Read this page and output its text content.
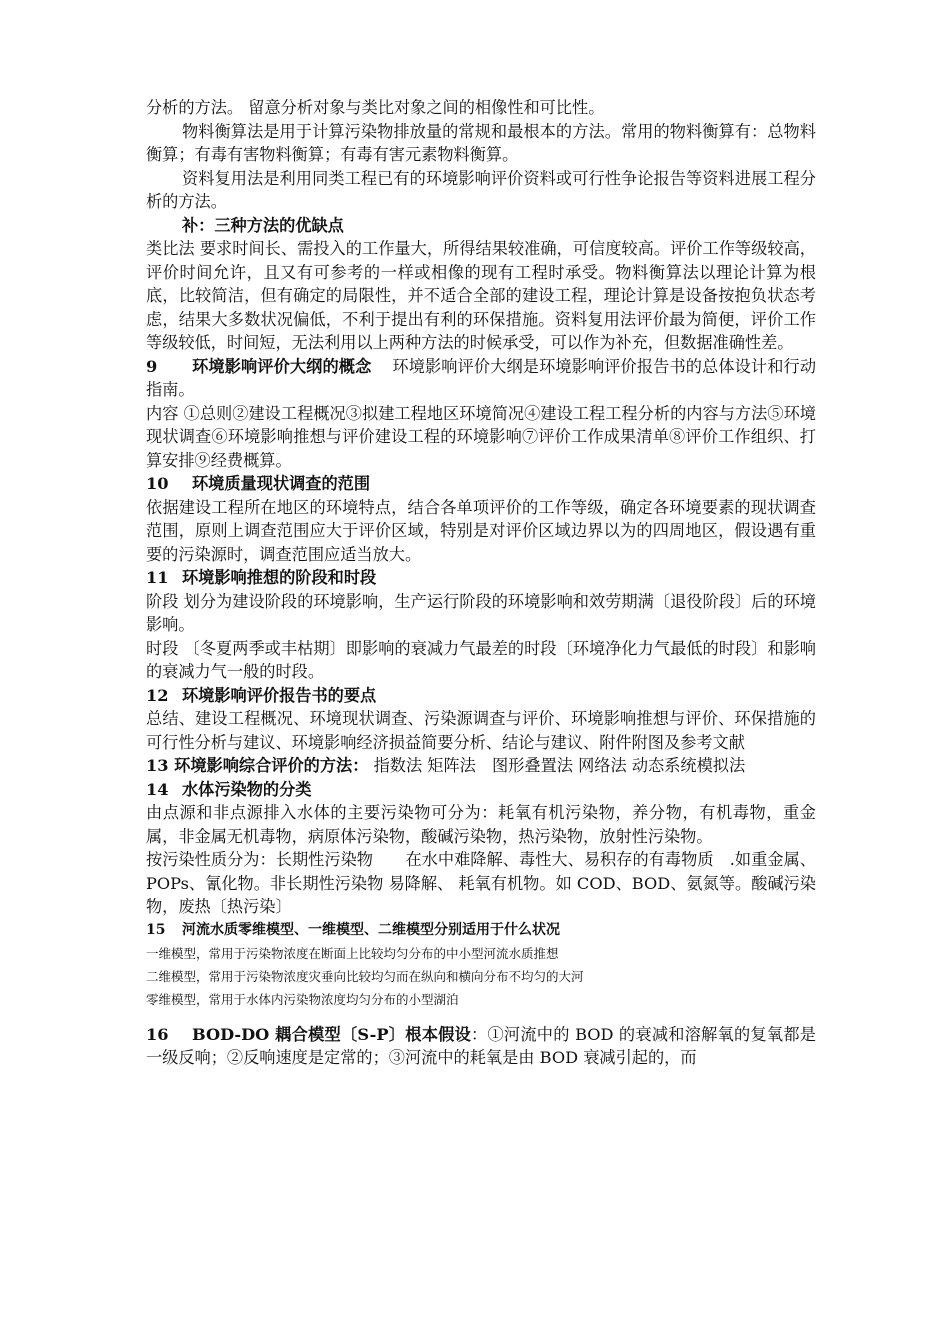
分析的方法。 留意分析对象与类比对象之间的相像性和可比性。

物料衡算法是用于计算污染物排放量的常规和最根本的方法。常用的物料衡算有：总物料衡算；有毒有害物料衡算；有毒有害元素物料衡算。

资料复用法是利用同类工程已有的环境影响评价资料或可行性争论报告等资料进展工程分析的方法。

补：三种方法的优缺点

类比法 要求时间长、需投入的工作量大，所得结果较准确，可信度较高。评价工作等级较高，评价时间允许，且又有可参考的一样或相像的现有工程时承受。物料衡算法以理论计算为根底，比较简洁，但有确定的局限性，并不适合全部的建设工程，理论计算是设备按抱负状态考虑，结果大多数状况偏低，不利于提出有利的环保措施。资料复用法评价最为简便，评价工作等级较低，时间短，无法利用以上两种方法的时候承受，可以作为补充，但数据准确性差。

9 环境影响评价大纲的概念 环境影响评价大纲是环境影响评价报告书的总体设计和行动指南。

内容 ①总则②建设工程概况③拟建工程地区环境简况④建设工程工程分析的内容与方法⑤环境现状调查⑥环境影响推想与评价建设工程的环境影响⑦评价工作成果清单⑧评价工作组织、打算安排⑨经费概算。

10 环境质量现状调查的范围

依据建设工程所在地区的环境特点，结合各单项评价的工作等级，确定各环境要素的现状调查范围，原则上调查范围应大于评价区域，特别是对评价区域边界以为的四周地区，假设遇有重要的污染源时，调查范围应适当放大。

11 环境影响推想的阶段和时段

阶段 划分为建设阶段的环境影响，生产运行阶段的环境影响和效劳期满〔退役阶段〕后的环境影响。

时段 〔冬夏两季或丰枯期〕即影响的衰减力气最差的时段〔环境净化力气最低的时段〕和影响的衰减力气一般的时段。

12 环境影响评价报告书的要点

总结、建设工程概况、环境现状调查、污染源调查与评价、环境影响推想与评价、环保措施的可行性分析与建议、环境影响经济损益简要分析、结论与建议、附件附图及参考文献

13 环境影响综合评价的方法： 指数法 矩阵法　图形叠置法 网络法 动态系统模拟法

14 水体污染物的分类

由点源和非点源排入水体的主要污染物可分为：耗氧有机污染物，养分物，有机毒物，重金属，非金属无机毒物，病原体污染物，酸碱污染物，热污染物，放射性污染物。

按污染性质分为：长期性污染物　　在水中难降解、毒性大、易积存的有毒物质　.如重金属、POPs、氰化物。非长期性污染物 易降解、 耗氧有机物。如 COD、BOD、氨氮等。酸碱污染物，废热〔热污染〕

15 河流水质零维模型、一维模型、二维模型分别适用于什么状况

一维模型，常用于污染物浓度在断面上比较均匀分布的中小型河流水质推想

二维模型，常用于污染物浓度灾垂向比较均匀而在纵向和横向分布不均匀的大河

零维模型，常用于水体内污染物浓度均匀分布的小型湖泊

16 BOD-DO 耦合模型〔S-P〕根本假设：①河流中的 BOD 的衰减和溶解氧的复氧都是一级反响；②反响速度是定常的；③河流中的耗氧是由 BOD 衰减引起的，而
